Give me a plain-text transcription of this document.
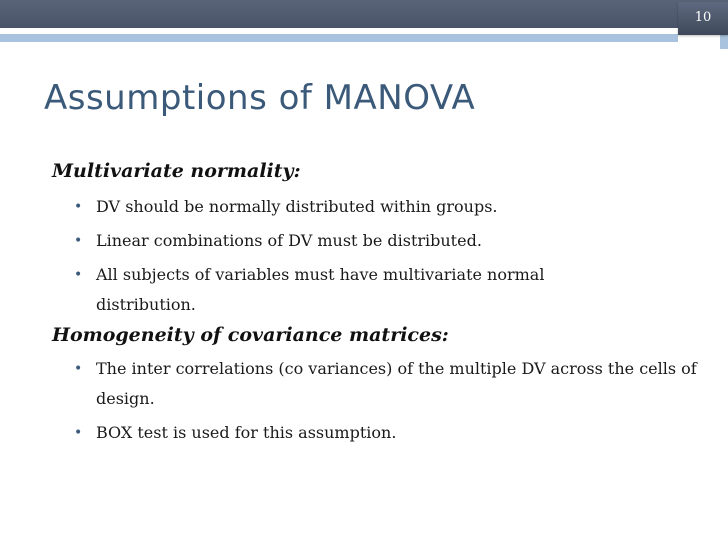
10
Assumptions of MANOVA

Multivariate normality:

• DV should be normally distributed within groups.
• Linear combinations of DV must be distributed.
• All subjects of variables must have multivariate normal distribution.

Homogeneity of covariance matrices:

• The inter correlations (co variances) of the multiple DV across the cells of design.
• BOX test is used for this assumption.
